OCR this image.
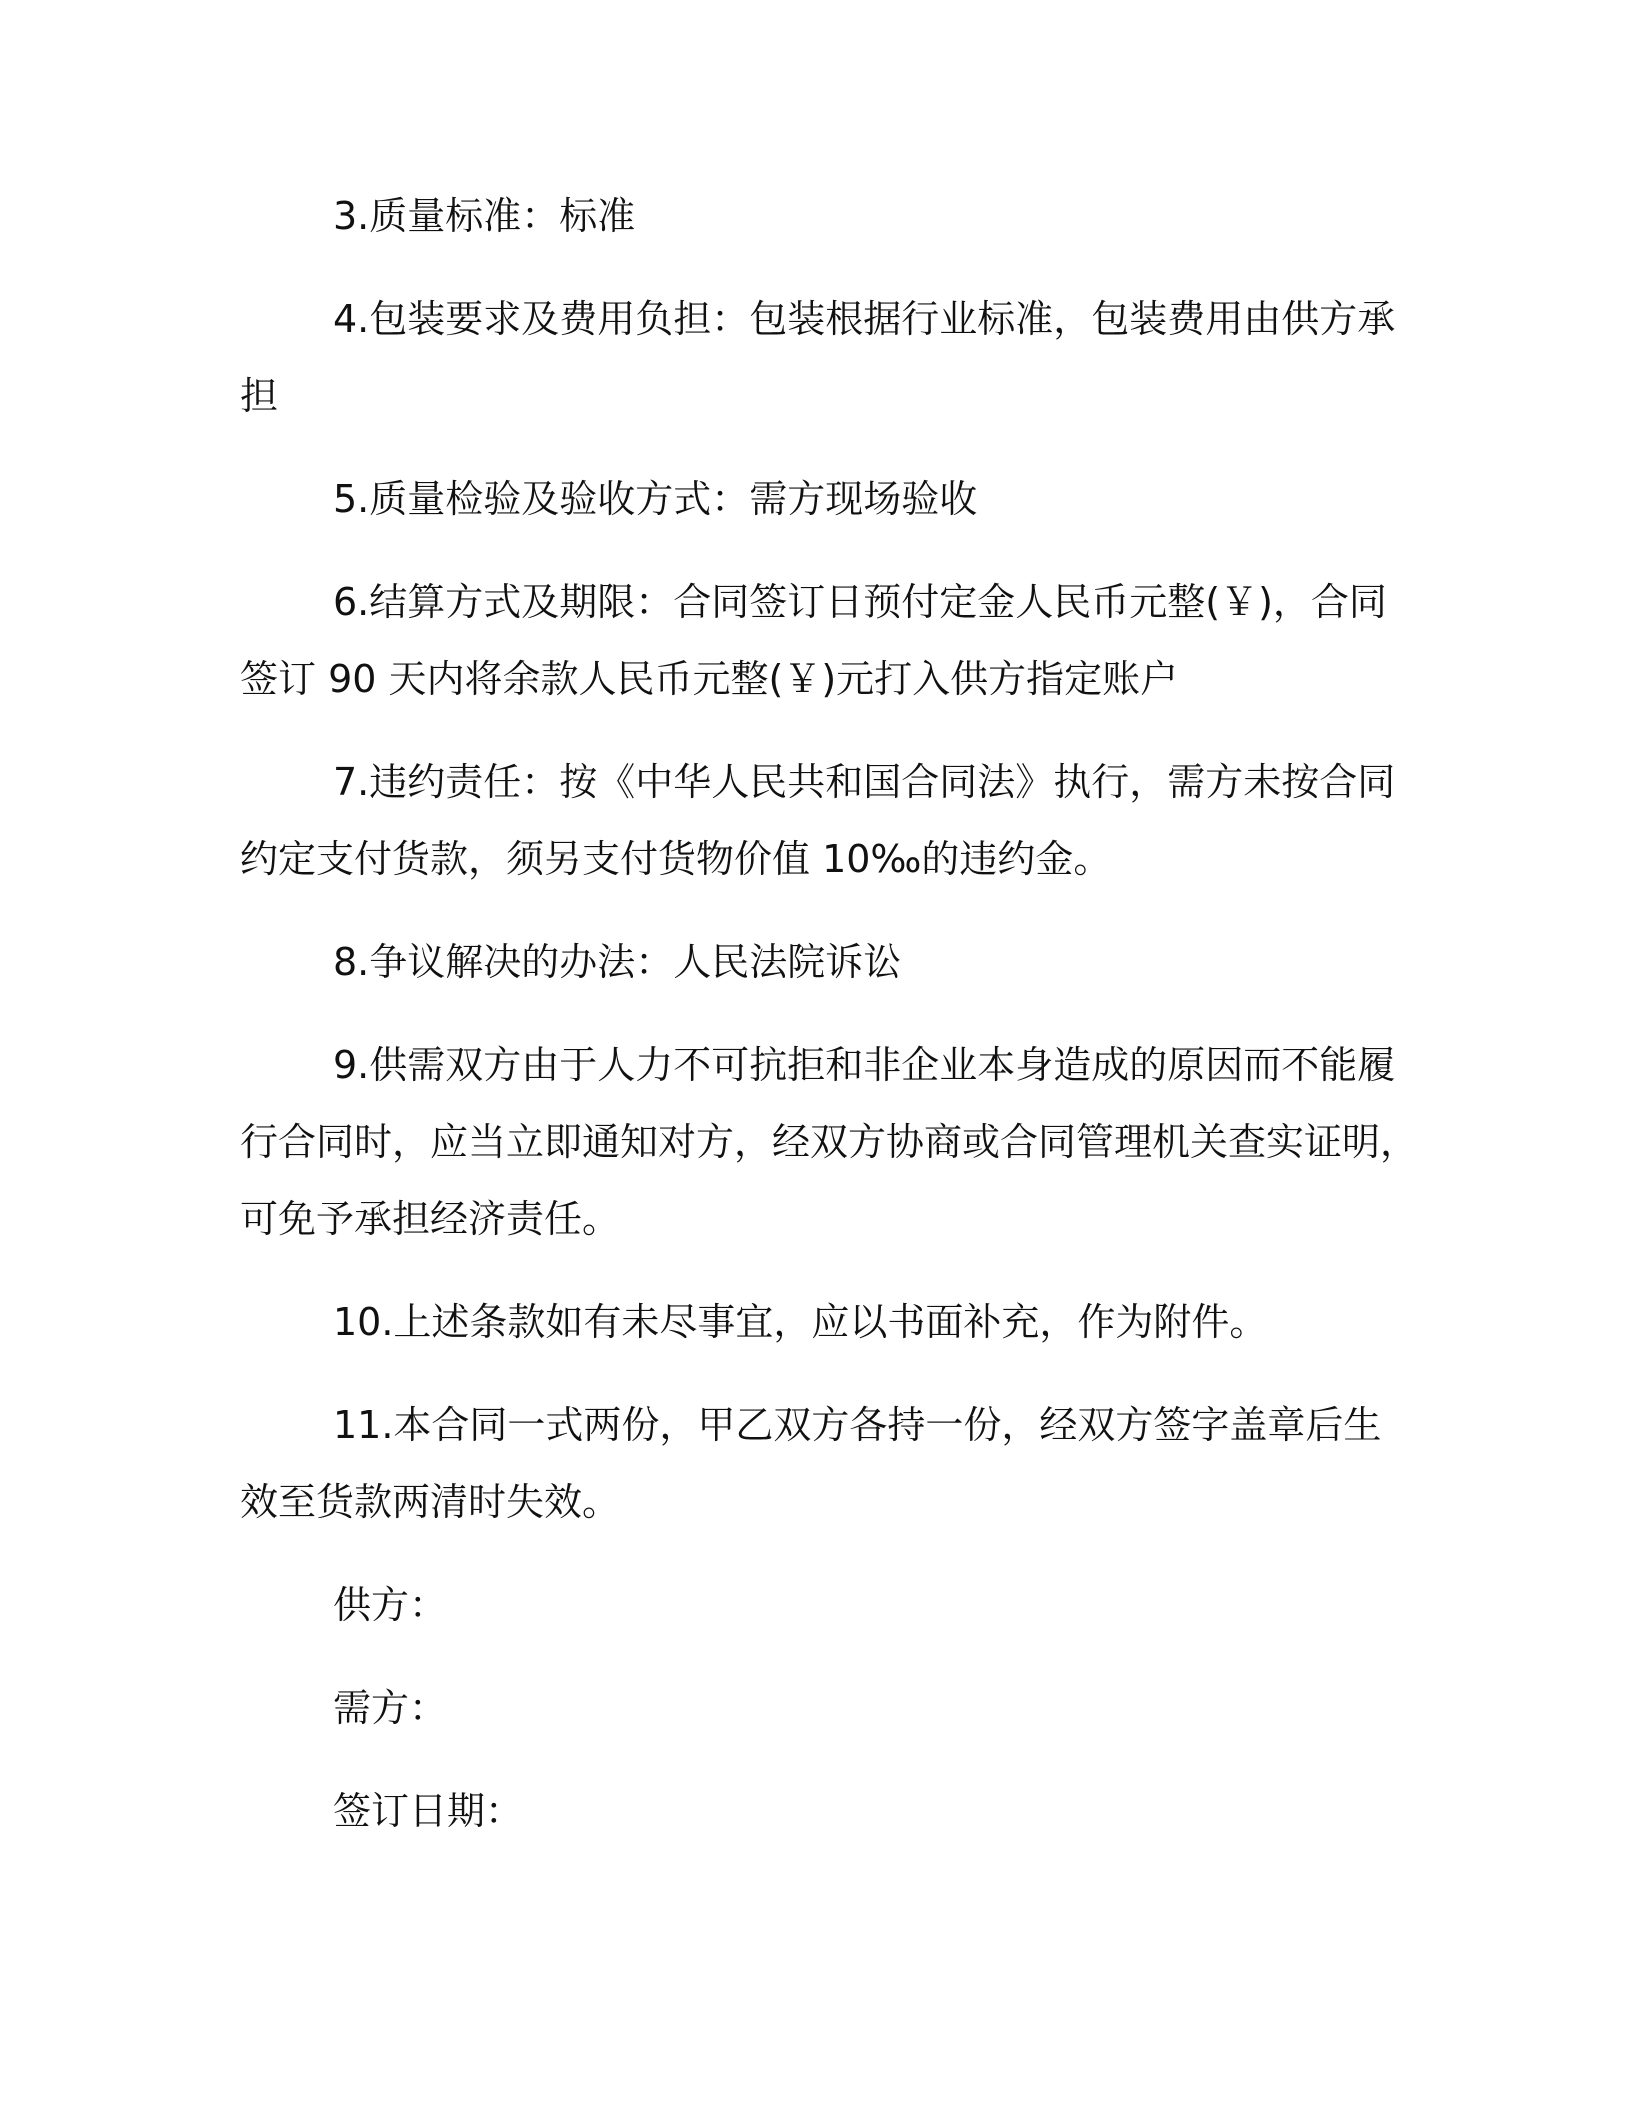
3.质量标准：标准
4.包装要求及费用负担：包装根据行业标准，包装费用由供方承
担
5.质量检验及验收方式：需方现场验收
6.结算方式及期限：合同签订日预付定金人民币元整(￥)，合同
签订 90 天内将余款人民币元整(￥)元打入供方指定账户
7.违约责任：按《中华人民共和国合同法》执行，需方未按合同
约定支付货款，须另支付货物价值 10‰的违约金。
8.争议解决的办法：人民法院诉讼
9.供需双方由于人力不可抗拒和非企业本身造成的原因而不能履
行合同时，应当立即通知对方，经双方协商或合同管理机关查实证明，
可免予承担经济责任。
10.上述条款如有未尽事宜，应以书面补充，作为附件。
11.本合同一式两份，甲乙双方各持一份，经双方签字盖章后生
效至货款两清时失效。
供方：
需方：
签订日期：
